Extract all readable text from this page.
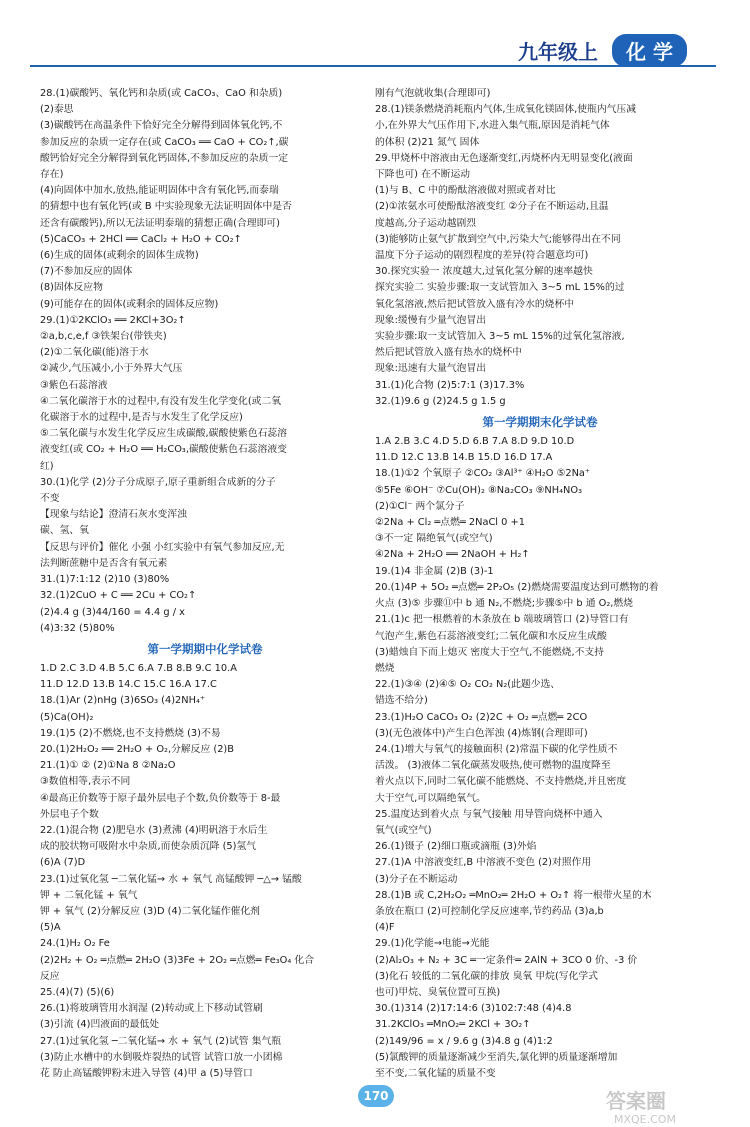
九年级上	化 学
28.(1)碳酸钙、氧化钙和杂质(或 CaCO₃、CaO 和杂质)
(2)泰思
(3)碳酸钙在高温条件下恰好完全分解得到固体氧化钙,不
参加反应的杂质一定存在(或 CaCO₃ ══ CaO + CO₂↑,碳
酸钙恰好完全分解得到氧化钙固体,不参加反应的杂质一定
存在)
(4)向固体中加水,放热,能证明固体中含有氧化钙,而泰瑞
的猜想中也有氧化钙(或 B 中实验现象无法证明固体中是否
还含有碳酸钙),所以无法证明泰瑞的猜想正确(合理即可)
(5)CaCO₃ + 2HCl ══ CaCl₂ + H₂O + CO₂↑
(6)生成的固体(或剩余的固体生成物)
(7)不参加反应的固体
(8)固体反应物
(9)可能存在的固体(或剩余的固体反应物)
29.(1)①2KClO₃ ══ 2KCl+3O₂↑
②a,b,c,e,f ③铁架台(带铁夹)
(2)①二氧化碳(能)溶于水
②减少,气压减小,小于外界大气压
③紫色石蕊溶液
④二氧化碳溶于水的过程中,有没有发生化学变化(或二氧
化碳溶于水的过程中,是否与水发生了化学反应)
⑤二氧化碳与水发生化学反应生成碳酸,碳酸使紫色石蕊溶
液变红(或 CO₂ + H₂O ══ H₂CO₃,碳酸使紫色石蕊溶液变
红)
30.(1)化学 (2)分子分成原子,原子重新组合成新的分子
不变
【现象与结论】澄清石灰水变浑浊
碳、氢、氧
【反思与评价】催化 小强 小红实验中有氧气参加反应,无
法判断蔗糖中是否含有氧元素
31.(1)7:1:12 (2)10 (3)80%
32.(1)2CuO + C ══ 2Cu + CO₂↑
(2)4.4 g (3)44/160 = 4.4 g / x
(4)3:32 (5)80%
第一学期期中化学试卷
1.D 2.C 3.D 4.B 5.C 6.A 7.B 8.B 9.C 10.A
11.D 12.D 13.B 14.C 15.C 16.A 17.C
18.(1)Ar (2)nHg (3)6SO₃ (4)2NH₄⁺
(5)Ca(OH)₂
19.(1)5 (2)不燃烧,也不支持燃烧 (3)不易
20.(1)2H₂O₂ ══ 2H₂O + O₂,分解反应 (2)B
21.(1)① ② (2)①Na 8 ②Na₂O
③数值相等,表示不同
④最高正价数等于原子最外层电子个数,负价数等于 8-最
外层电子个数
22.(1)混合物 (2)肥皂水 (3)煮沸 (4)明矾溶于水后生
成的胶状物可吸附水中杂质,而使杂质沉降 (5)氢气
(6)A (7)D
23.(1)过氧化氢 ─二氧化锰→ 水 + 氧气 高锰酸钾 ─△→ 锰酸
钾 + 二氧化锰 + 氧气
钾 + 氧气 (2)分解反应 (3)D (4)二氧化锰作催化剂
(5)A
24.(1)H₂ O₂ Fe
(2)2H₂ + O₂ ═点燃═ 2H₂O (3)3Fe + 2O₂ ═点燃═ Fe₃O₄ 化合
反应
25.(4)(7) (5)(6)
26.(1)将玻璃管用水润湿 (2)转动或上下移动试管刷
(3)引流 (4)凹液面的最低处
27.(1)过氧化氢 ─二氧化锰→ 水 + 氧气 (2)试管 集气瓶
(3)防止水槽中的水倒吸炸裂热的试管 试管口放一小团棉
花 防止高锰酸钾粉末进入导管 (4)甲 a (5)导管口
刚有气泡就收集(合理即可)
28.(1)镁条燃烧消耗瓶内气体,生成氧化镁固体,使瓶内气压减
小,在外界大气压作用下,水进入集气瓶,原因是消耗气体
的体积 (2)21 氮气 固体
29.甲烧杯中溶液由无色逐渐变红,丙烧杯内无明显变化(液面
下降也可) 在不断运动
(1)与 B、C 中的酚酞溶液做对照或者对比
(2)①浓氨水可使酚酞溶液变红 ②分子在不断运动,且温
度越高,分子运动越剧烈
(3)能够防止氨气扩散到空气中,污染大气;能够得出在不同
温度下分子运动的剧烈程度的差异(符合题意均可)
30.探究实验一 浓度越大,过氧化氢分解的速率越快
探究实验二 实验步骤:取一支试管加入 3~5 mL 15%的过
氧化氢溶液,然后把试管放入盛有冷水的烧杯中
现象:缓慢有少量气泡冒出
实验步骤:取一支试管加入 3~5 mL 15%的过氧化氢溶液,
然后把试管放入盛有热水的烧杯中
现象:迅速有大量气泡冒出
31.(1)化合物 (2)5:7:1 (3)17.3%
32.(1)9.6 g (2)24.5 g 1.5 g
第一学期期末化学试卷
1.A 2.B 3.C 4.D 5.D 6.B 7.A 8.D 9.D 10.D
11.D 12.C 13.B 14.B 15.D 16.D 17.A
18.(1)①2 个氧原子 ②CO₂ ③Al³⁺ ④H₂O ⑤2Na⁺
⑤5Fe ⑥OH⁻ ⑦Cu(OH)₂ ⑧Na₂CO₃ ⑨NH₄NO₃
(2)①Cl⁻ 两个氯分子
②2Na + Cl₂ ═点燃═ 2NaCl 0 +1
③不一定 隔绝氧气(或空气)
④2Na + 2H₂O ══ 2NaOH + H₂↑
19.(1)4 非金属 (2)B (3)-1
20.(1)4P + 5O₂ ═点燃═ 2P₂O₅ (2)燃烧需要温度达到可燃物的着
火点 (3)⑤ 步骤⑪中 b 通 N₂,不燃烧;步骤⑤中 b 通 O₂,燃烧
21.(1)c 把一根燃着的木条放在 b 端玻璃管口 (2)导管口有
气泡产生,紫色石蕊溶液变红;二氧化碳和水反应生成酸
(3)蜡烛自下而上熄灭 密度大于空气,不能燃烧,不支持
燃烧
22.(1)③④ (2)④⑤ O₂ CO₂ N₂(此题少选、
错选不给分)
23.(1)H₂O CaCO₃ O₂ (2)2C + O₂ ═点燃═ 2CO
(3)(无色液体中)产生白色浑浊 (4)炼钢(合理即可)
24.(1)增大与氧气的接触面积 (2)常温下碳的化学性质不
活泼。 (3)液体二氧化碳蒸发吸热,使可燃物的温度降至
着火点以下,同时二氧化碳不能燃烧、不支持燃烧,并且密度
大于空气,可以隔绝氧气。
25.温度达到着火点 与氧气接触 用导管向烧杯中通入
氧气(或空气)
26.(1)镊子 (2)细口瓶或滴瓶 (3)外焰
27.(1)A 中溶液变红,B 中溶液不变色 (2)对照作用
(3)分子在不断运动
28.(1)B 或 C,2H₂O₂ ═MnO₂═ 2H₂O + O₂↑ 将一根带火星的木
条放在瓶口 (2)可控制化学反应速率,节约药品 (3)a,b
(4)F
29.(1)化学能→电能→光能
(2)Al₂O₃ + N₂ + 3C ═一定条件═ 2AlN + 3CO 0 价、-3 价
(3)化石 较低的二氧化碳的排放 臭氧 甲烷(写化学式
也可)甲烷、臭氧位置可互换)
30.(1)314 (2)17:14:6 (3)102:7:48 (4)4.8
31.2KClO₃ ═MnO₂═ 2KCl + 3O₂↑
(2)149/96 = x / 9.6 g (3)4.8 g (4)1:2
(5)氯酸钾的质量逐渐减少至消失,氯化钾的质量逐渐增加
至不变,二氧化锰的质量不变
170	答案圈
MXQE.COM
